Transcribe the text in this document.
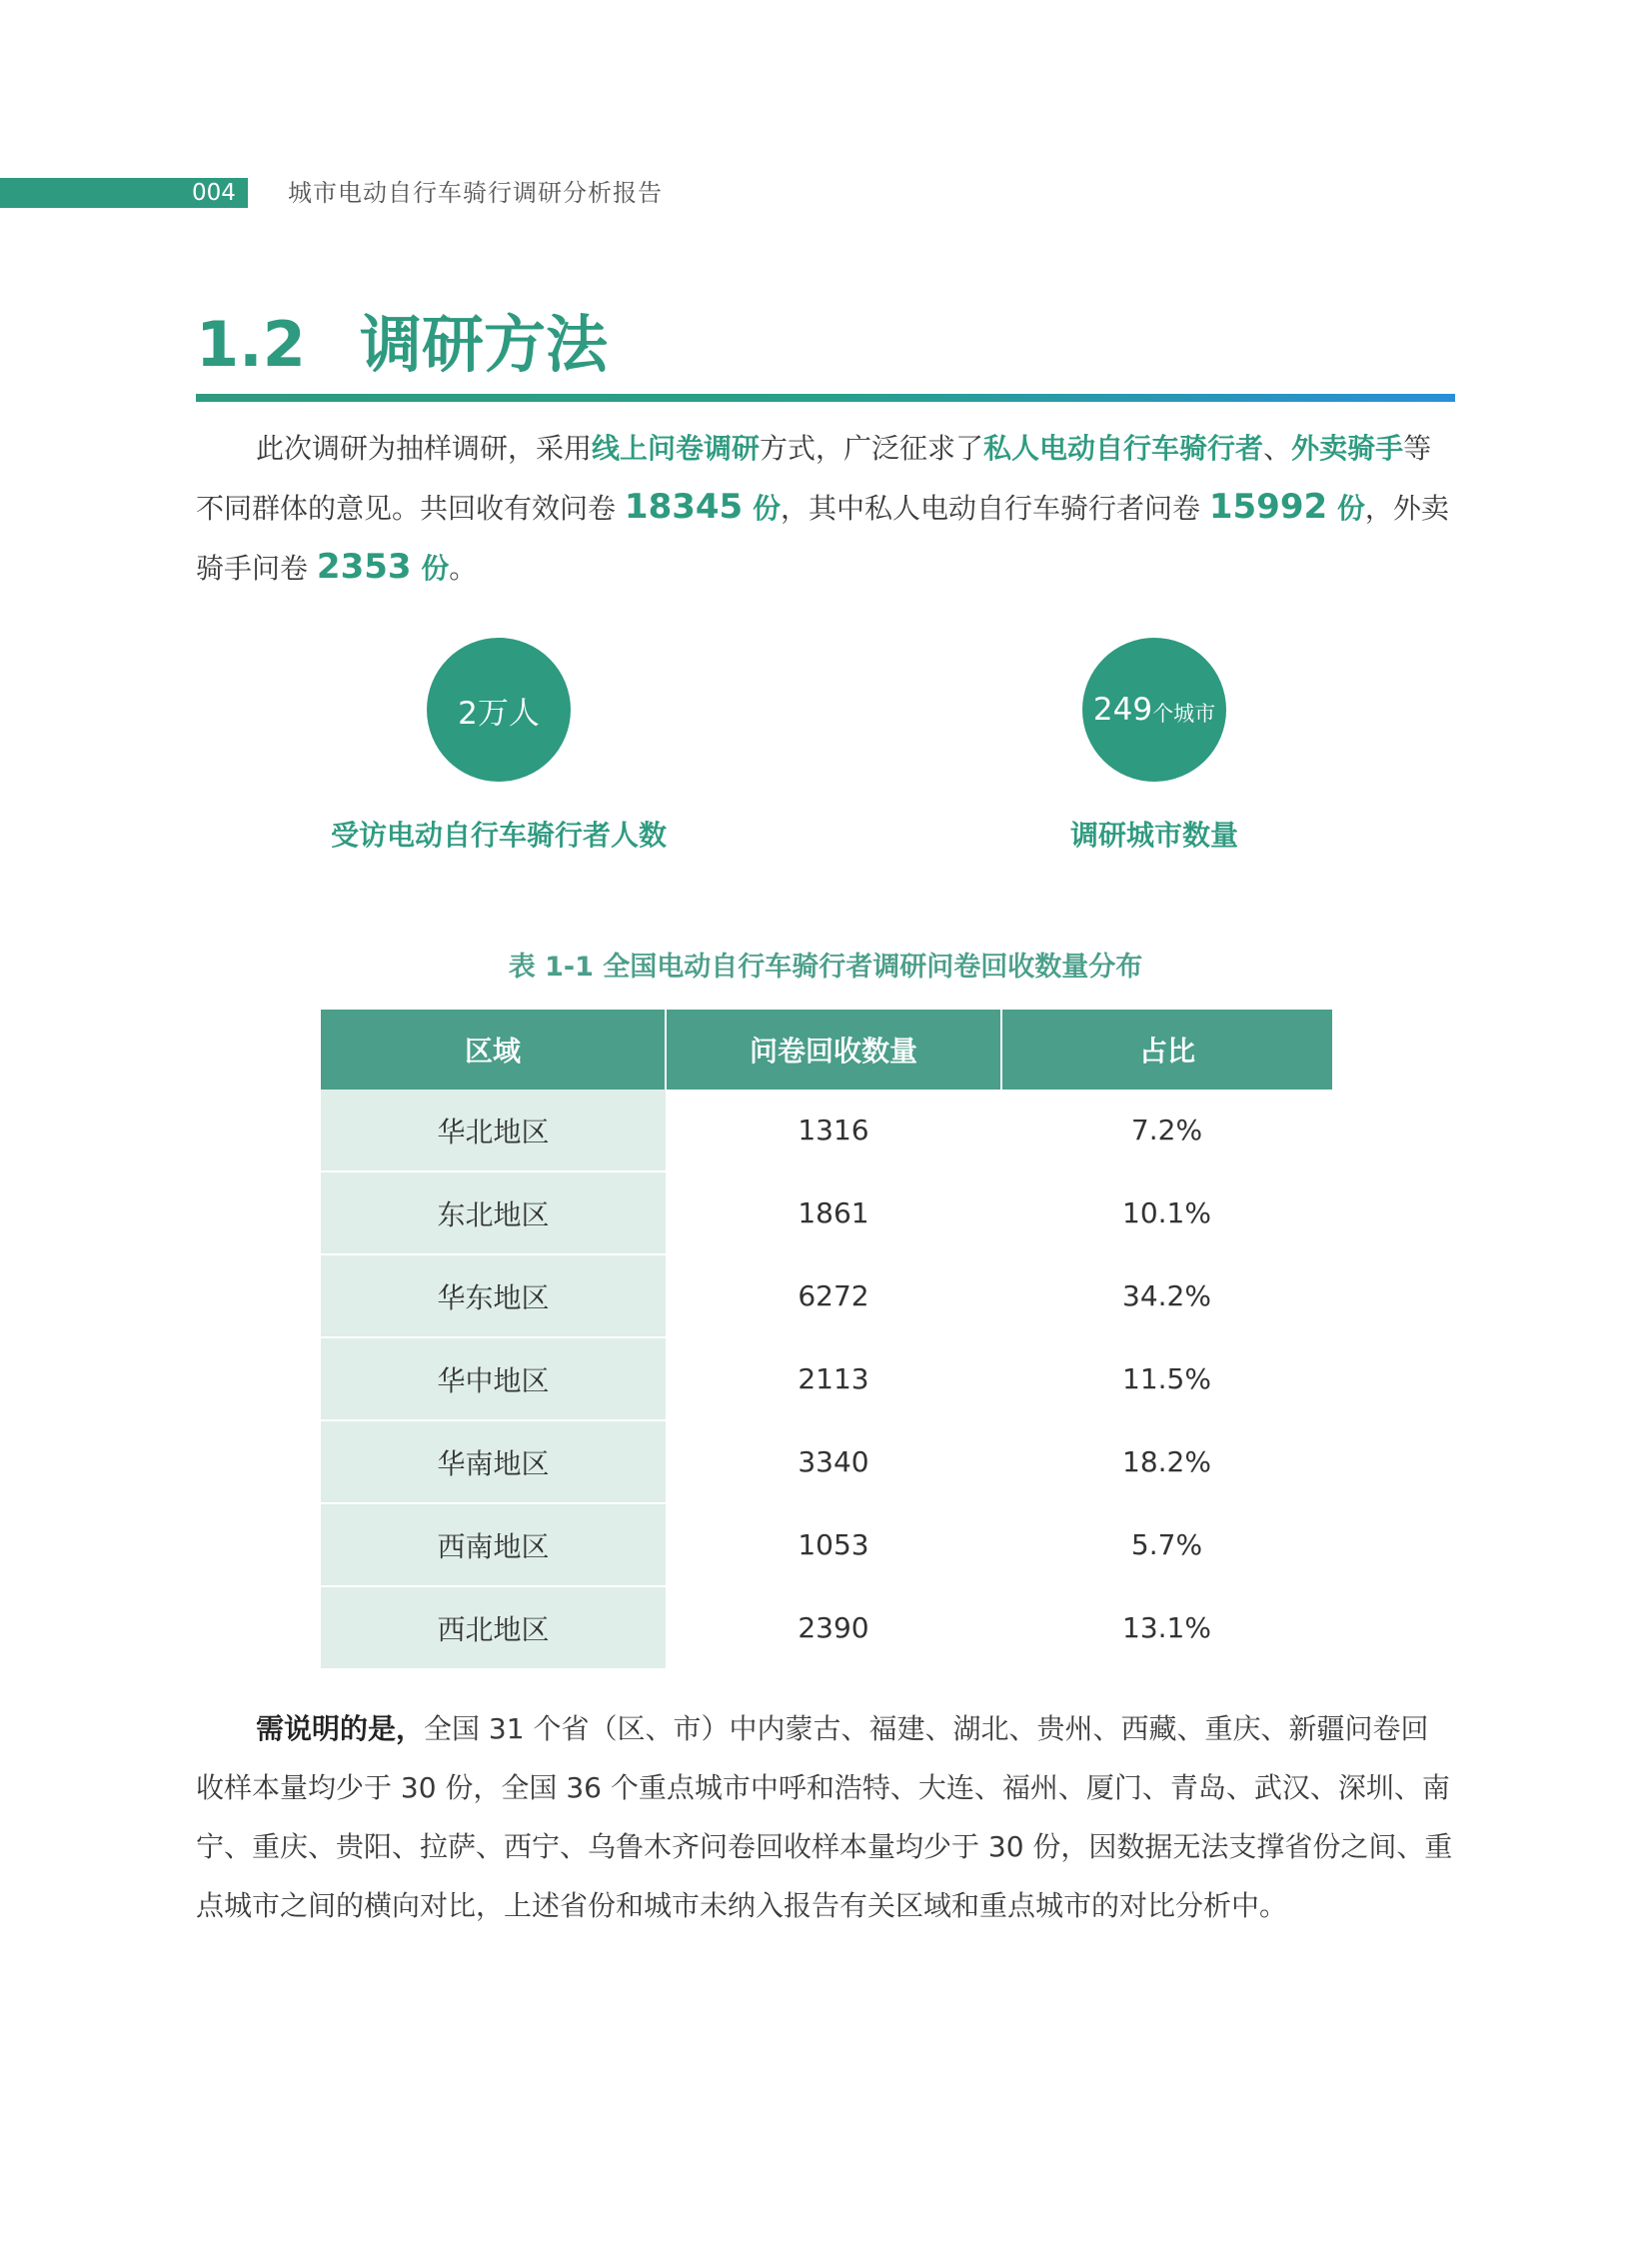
004 城市电动自行车骑行调研分析报告
1.2 调研方法

此次调研为抽样调研，采用线上问卷调研方式，广泛征求了私人电动自行车骑行者、外卖骑手等不同群体的意见。共回收有效问卷 18345 份，其中私人电动自行车骑行者问卷 15992 份，外卖骑手问卷 2353 份。

2万人
受访电动自行车骑行者人数
249 个城市
调研城市数量
表 1-1 全国电动自行车骑行者调研问卷回收数量分布
区域	问卷回收数量	占比
华北地区	1316	7.2%
东北地区	1861	10.1%
华东地区	6272	34.2%
华中地区	2113	11.5%
华南地区	3340	18.2%
西南地区	1053	5.7%
西北地区	2390	13.1%

需说明的是，全国 31 个省（区、市）中内蒙古、福建、湖北、贵州、西藏、重庆、新疆问卷回收样本量均少于 30 份，全国 36 个重点城市中呼和浩特、大连、福州、厦门、青岛、武汉、深圳、南宁、重庆、贵阳、拉萨、西宁、乌鲁木齐问卷回收样本量均少于 30 份，因数据无法支撑省份之间、重点城市之间的横向对比，上述省份和城市未纳入报告有关区域和重点城市的对比分析中。
